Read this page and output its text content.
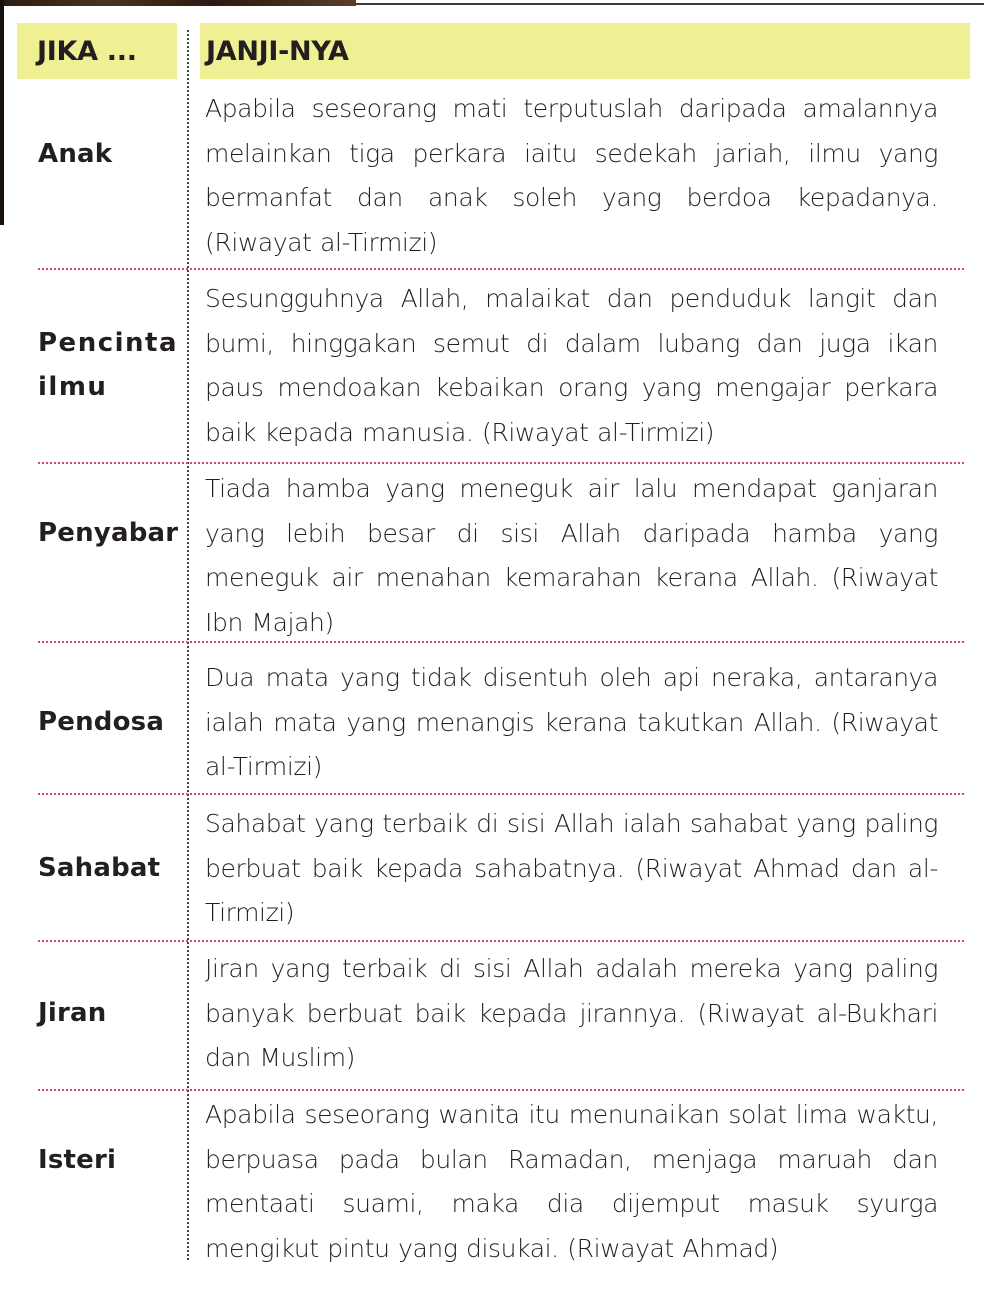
JIKA ...	JANJI-NYA
Anak
Apabila seseorang mati terputuslah daripada amalannya melainkan tiga perkara iaitu sedekah jariah, ilmu yang bermanfat dan anak soleh yang berdoa kepadanya. (Riwayat al-Tirmizi)
Pencinta ilmu
Sesungguhnya Allah, malaikat dan penduduk langit dan bumi, hinggakan semut di dalam lubang dan juga ikan paus mendoakan kebaikan orang yang mengajar perkara baik kepada manusia. (Riwayat al-Tirmizi)
Penyabar
Tiada hamba yang meneguk air lalu mendapat ganjaran yang lebih besar di sisi Allah daripada hamba yang meneguk air menahan kemarahan kerana Allah. (Riwayat Ibn Majah)
Pendosa
Dua mata yang tidak disentuh oleh api neraka, antaranya ialah mata yang menangis kerana takutkan Allah. (Riwayat al-Tirmizi)
Sahabat
Sahabat yang terbaik di sisi Allah ialah sahabat yang paling berbuat baik kepada sahabatnya. (Riwayat Ahmad dan al-Tirmizi)
Jiran
Jiran yang terbaik di sisi Allah adalah mereka yang paling banyak berbuat baik kepada jirannya. (Riwayat al-Bukhari dan Muslim)
Isteri
Apabila seseorang wanita itu menunaikan solat lima waktu, berpuasa pada bulan Ramadan, menjaga maruah dan mentaati suami, maka dia dijemput masuk syurga mengikut pintu yang disukai. (Riwayat Ahmad)
